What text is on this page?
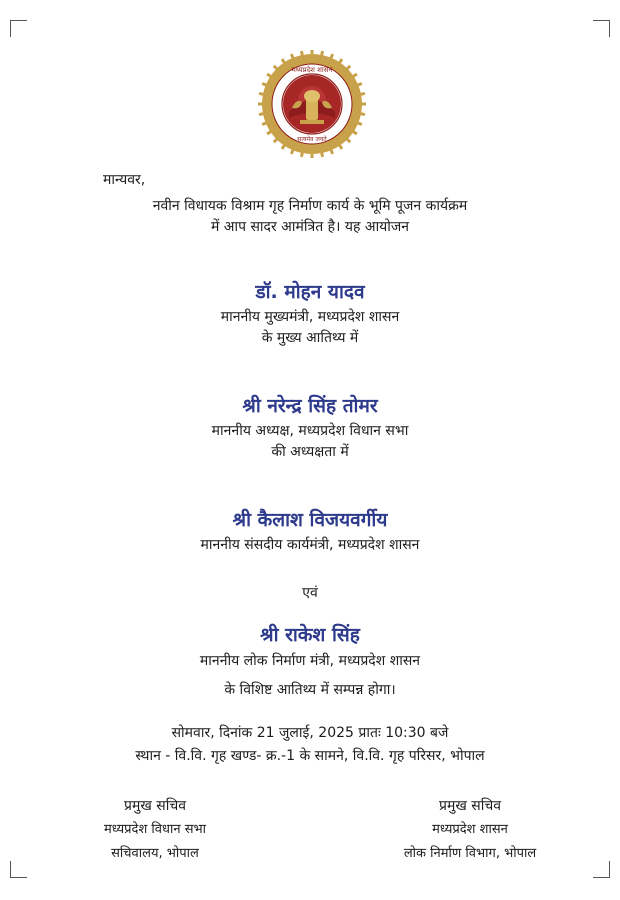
मध्यप्रदेश शासन
सत्यमेव जयते
मान्यवर,
नवीन विधायक विश्राम गृह निर्माण कार्य के भूमि पूजन कार्यक्रम
में आप सादर आमंत्रित है। यह आयोजन
डॉ. मोहन यादव
माननीय मुख्यमंत्री, मध्यप्रदेश शासन
के मुख्य आतिथ्य में
श्री नरेन्द्र सिंह तोमर
माननीय अध्यक्ष, मध्यप्रदेश विधान सभा
की अध्यक्षता में
श्री कैलाश विजयवर्गीय
माननीय संसदीय कार्यमंत्री, मध्यप्रदेश शासन
एवं
श्री राकेश सिंह
माननीय लोक निर्माण मंत्री, मध्यप्रदेश शासन
के विशिष्ट आतिथ्य में सम्पन्न होगा।
सोमवार, दिनांक 21 जुलाई, 2025 प्रातः 10:30 बजे
स्थान - वि.वि. गृह खण्ड- क्र.-1 के सामने, वि.वि. गृह परिसर, भोपाल
प्रमुख सचिव
मध्यप्रदेश विधान सभा
सचिवालय, भोपाल
प्रमुख सचिव
मध्यप्रदेश शासन
लोक निर्माण विभाग, भोपाल
